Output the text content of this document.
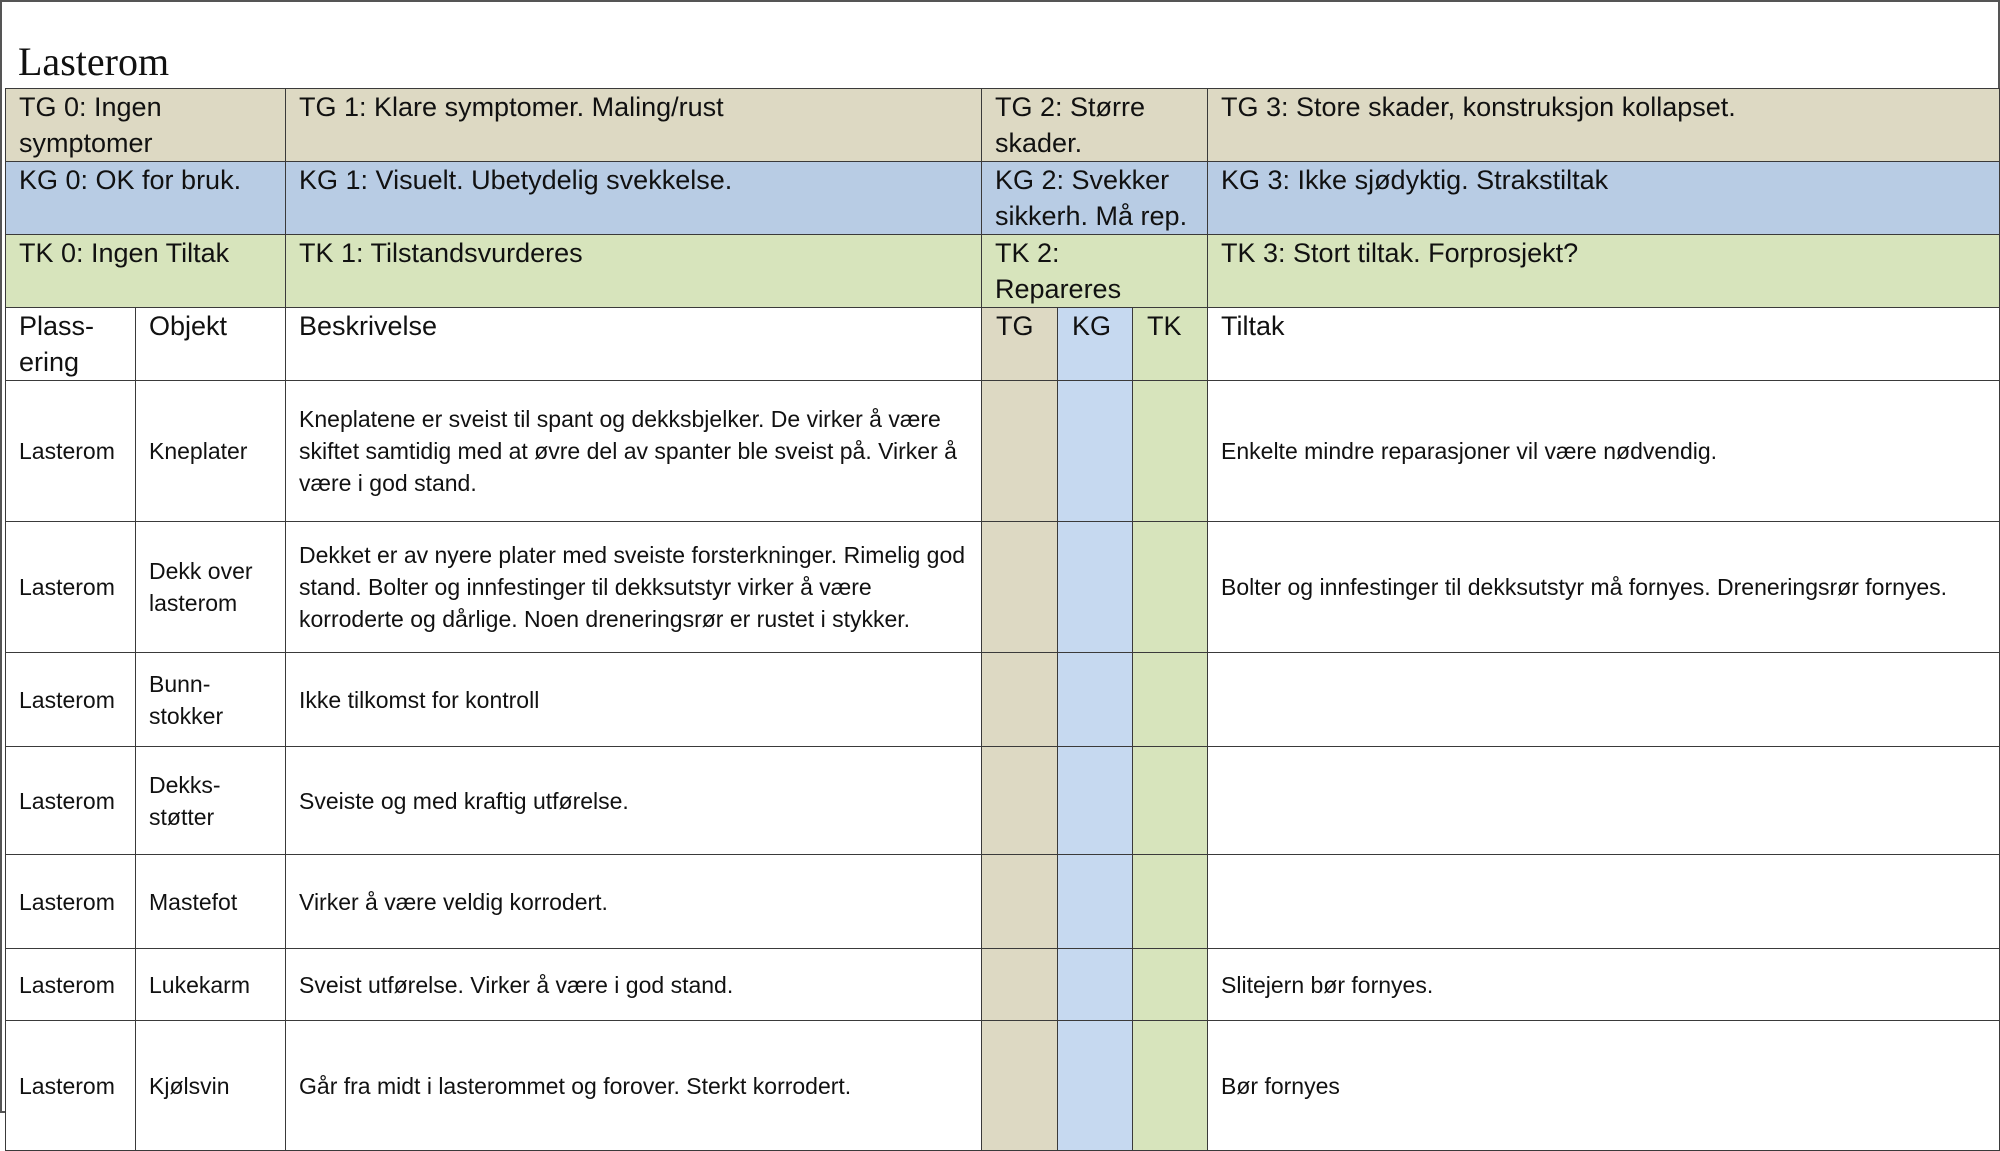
Lasterom
TG 0: Ingen symptomer		TG 1: Klare symptomer. Maling/rust	TG 2: Større skader.			TG 3: Store skader, konstruksjon kollapset.
KG 0: OK for bruk.		KG 1: Visuelt. Ubetydelig svekkelse.	KG 2: Svekker sikkerh. Må rep.			KG 3: Ikke sjødyktig. Strakstiltak
TK 0: Ingen Tiltak		TK 1: Tilstandsvurderes	TK 2: Repareres			TK 3: Stort tiltak. Forprosjekt?
Plass-ering	Objekt	Beskrivelse	TG	KG	TK	Tiltak
Lasterom	Kneplater	Kneplatene er sveist til spant og dekksbjelker. De virker å være skiftet samtidig med at øvre del av spanter ble sveist på. Virker å være i god stand.				Enkelte mindre reparasjoner vil være nødvendig.
Lasterom	Dekk over lasterom	Dekket er av nyere plater med sveiste forsterkninger. Rimelig god stand. Bolter og innfestinger til dekksutstyr virker å være korroderte og dårlige. Noen dreneringsrør er rustet i stykker.				Bolter og innfestinger til dekksutstyr må fornyes. Dreneringsrør fornyes.
Lasterom	Bunn-stokker	Ikke tilkomst for kontroll				
Lasterom	Dekks-støtter	Sveiste og med kraftig utførelse.				
Lasterom	Mastefot	Virker å være veldig korrodert.				
Lasterom	Lukekarm	Sveist utførelse. Virker å være i god stand.				Slitejern bør fornyes.
Lasterom	Kjølsvin	Går fra midt i lasterommet og forover. Sterkt korrodert.				Bør fornyes
